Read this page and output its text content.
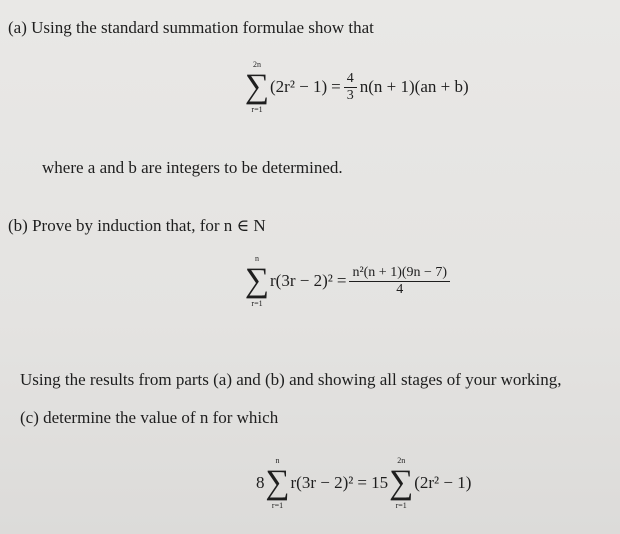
(a) Using the standard summation formulae show that
2n
∑
r=1
$(2r^2 - 1) = \frac{4}{3} n(n + 1)(an + b)$
where a and b are integers to be determined.
(b) Prove by induction that, for n ∈ N
n
∑
r=1
$r(3r - 2)^2 = \frac{\text{n²(n + 1)(9n − 7)}}{4}$
Using the results from parts (a) and (b) and showing all stages of your working,
(c) determine the value of n for which
8
n
∑
r=1
r(3r − 2)² = 15
2n
∑
r=1
(2r² − 1)
